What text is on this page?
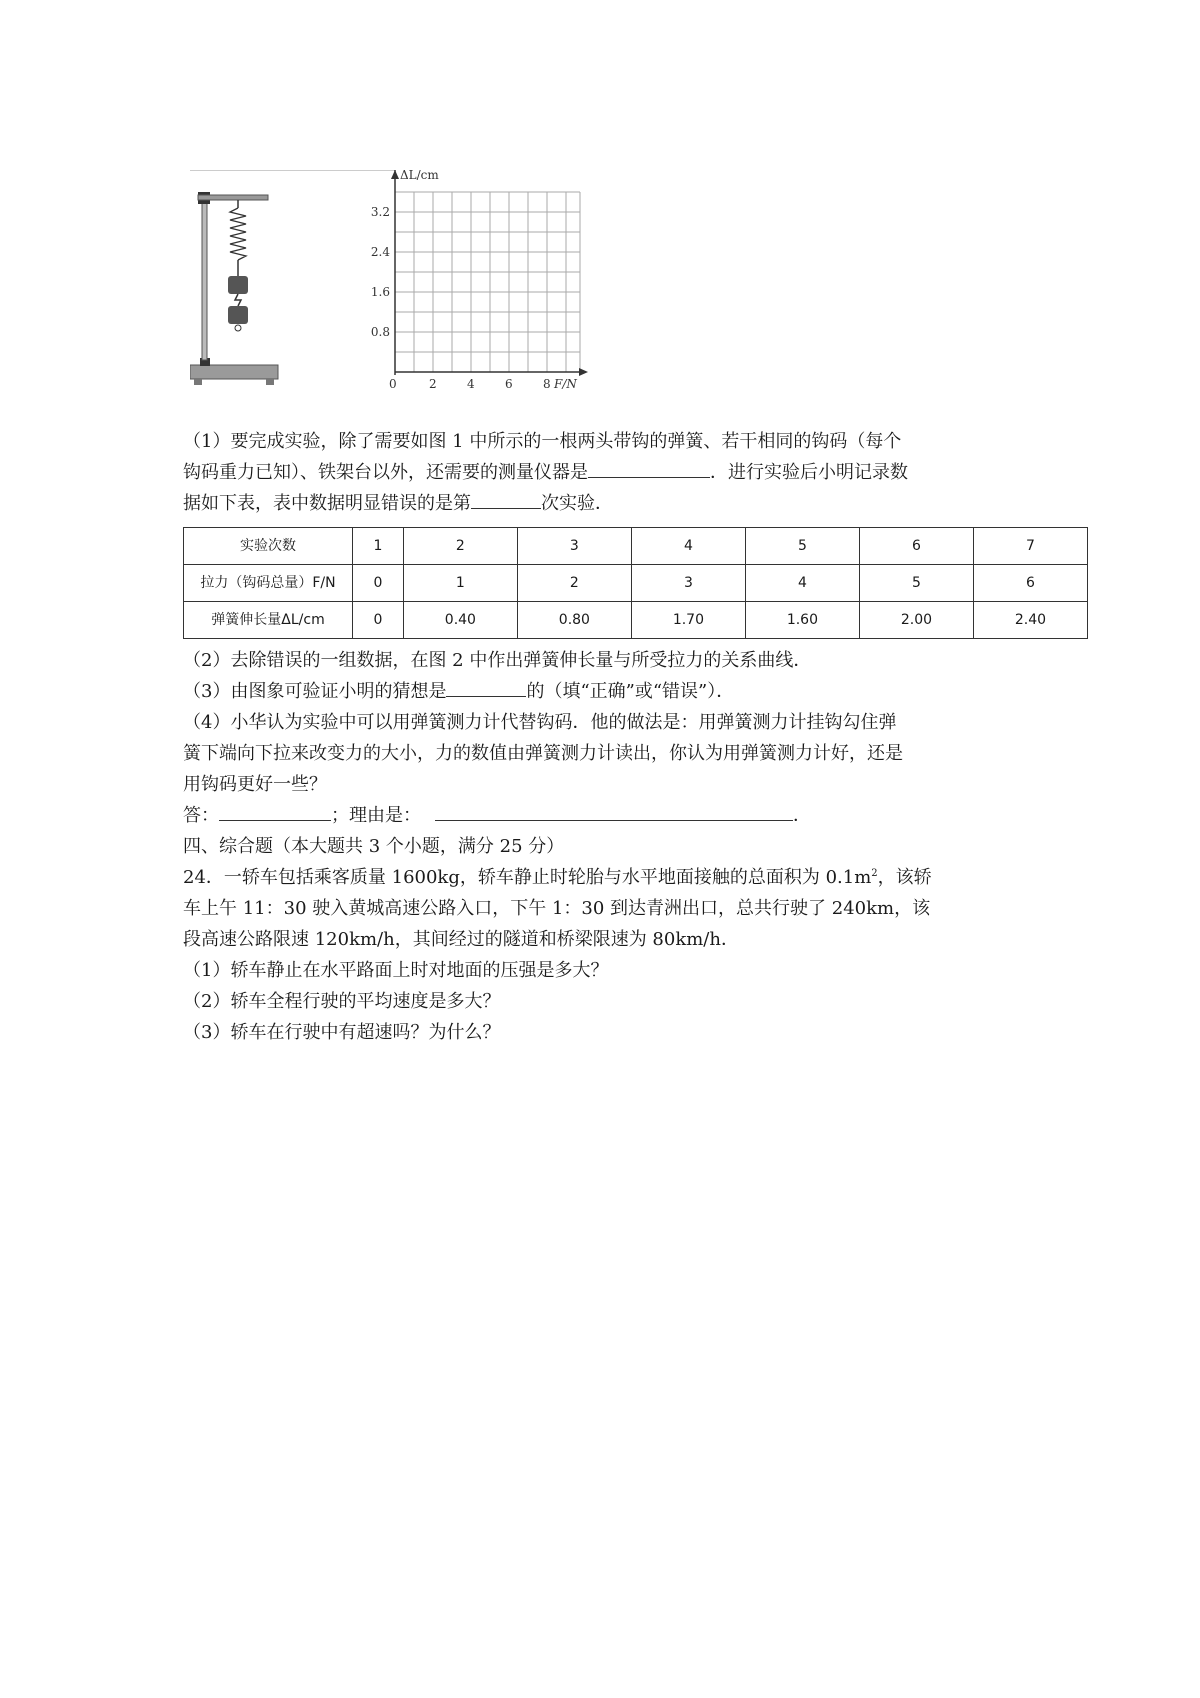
ΔL/cm
3.2
2.4
1.6
0.8
0	2	4	6	8 F/N

（1）要完成实验，除了需要如图 1 中所示的一根两头带钩的弹簧、若干相同的钩码（每个

钩码重力已知）、铁架台以外，还需要的测量仪器是	．进行实验后小明记录数

据如下表，表中数据明显错误的是第	次实验．

实验次数	1	2	3	4	5	6	7
拉力（钩码总量）F/N	0	1	2	3	4	5	6
弹簧伸长量ΔL/cm	0	0.40	0.80	1.70	1.60	2.00	2.40

（2）去除错误的一组数据，在图 2 中作出弹簧伸长量与所受拉力的关系曲线．

（3）由图象可验证小明的猜想是	的（填“正确”或“错误”）．

（4）小华认为实验中可以用弹簧测力计代替钩码．他的做法是：用弹簧测力计挂钩勾住弹

簧下端向下拉来改变力的大小，力的数值由弹簧测力计读出，你认为用弹簧测力计好，还是

用钩码更好一些？

答：	；理由是：	．

四、综合题（本大题共 3 个小题，满分 25 分）

24．一轿车包括乘客质量 1600kg，轿车静止时轮胎与水平地面接触的总面积为 $0.1m^2$，该轿

车上午 11：30 驶入黄城高速公路入口，下午 1：30 到达青洲出口，总共行驶了 240km，该

段高速公路限速 120km/h，其间经过的隧道和桥梁限速为 80km/h．

（1）轿车静止在水平路面上时对地面的压强是多大？

（2）轿车全程行驶的平均速度是多大？

（3）轿车在行驶中有超速吗？为什么？
